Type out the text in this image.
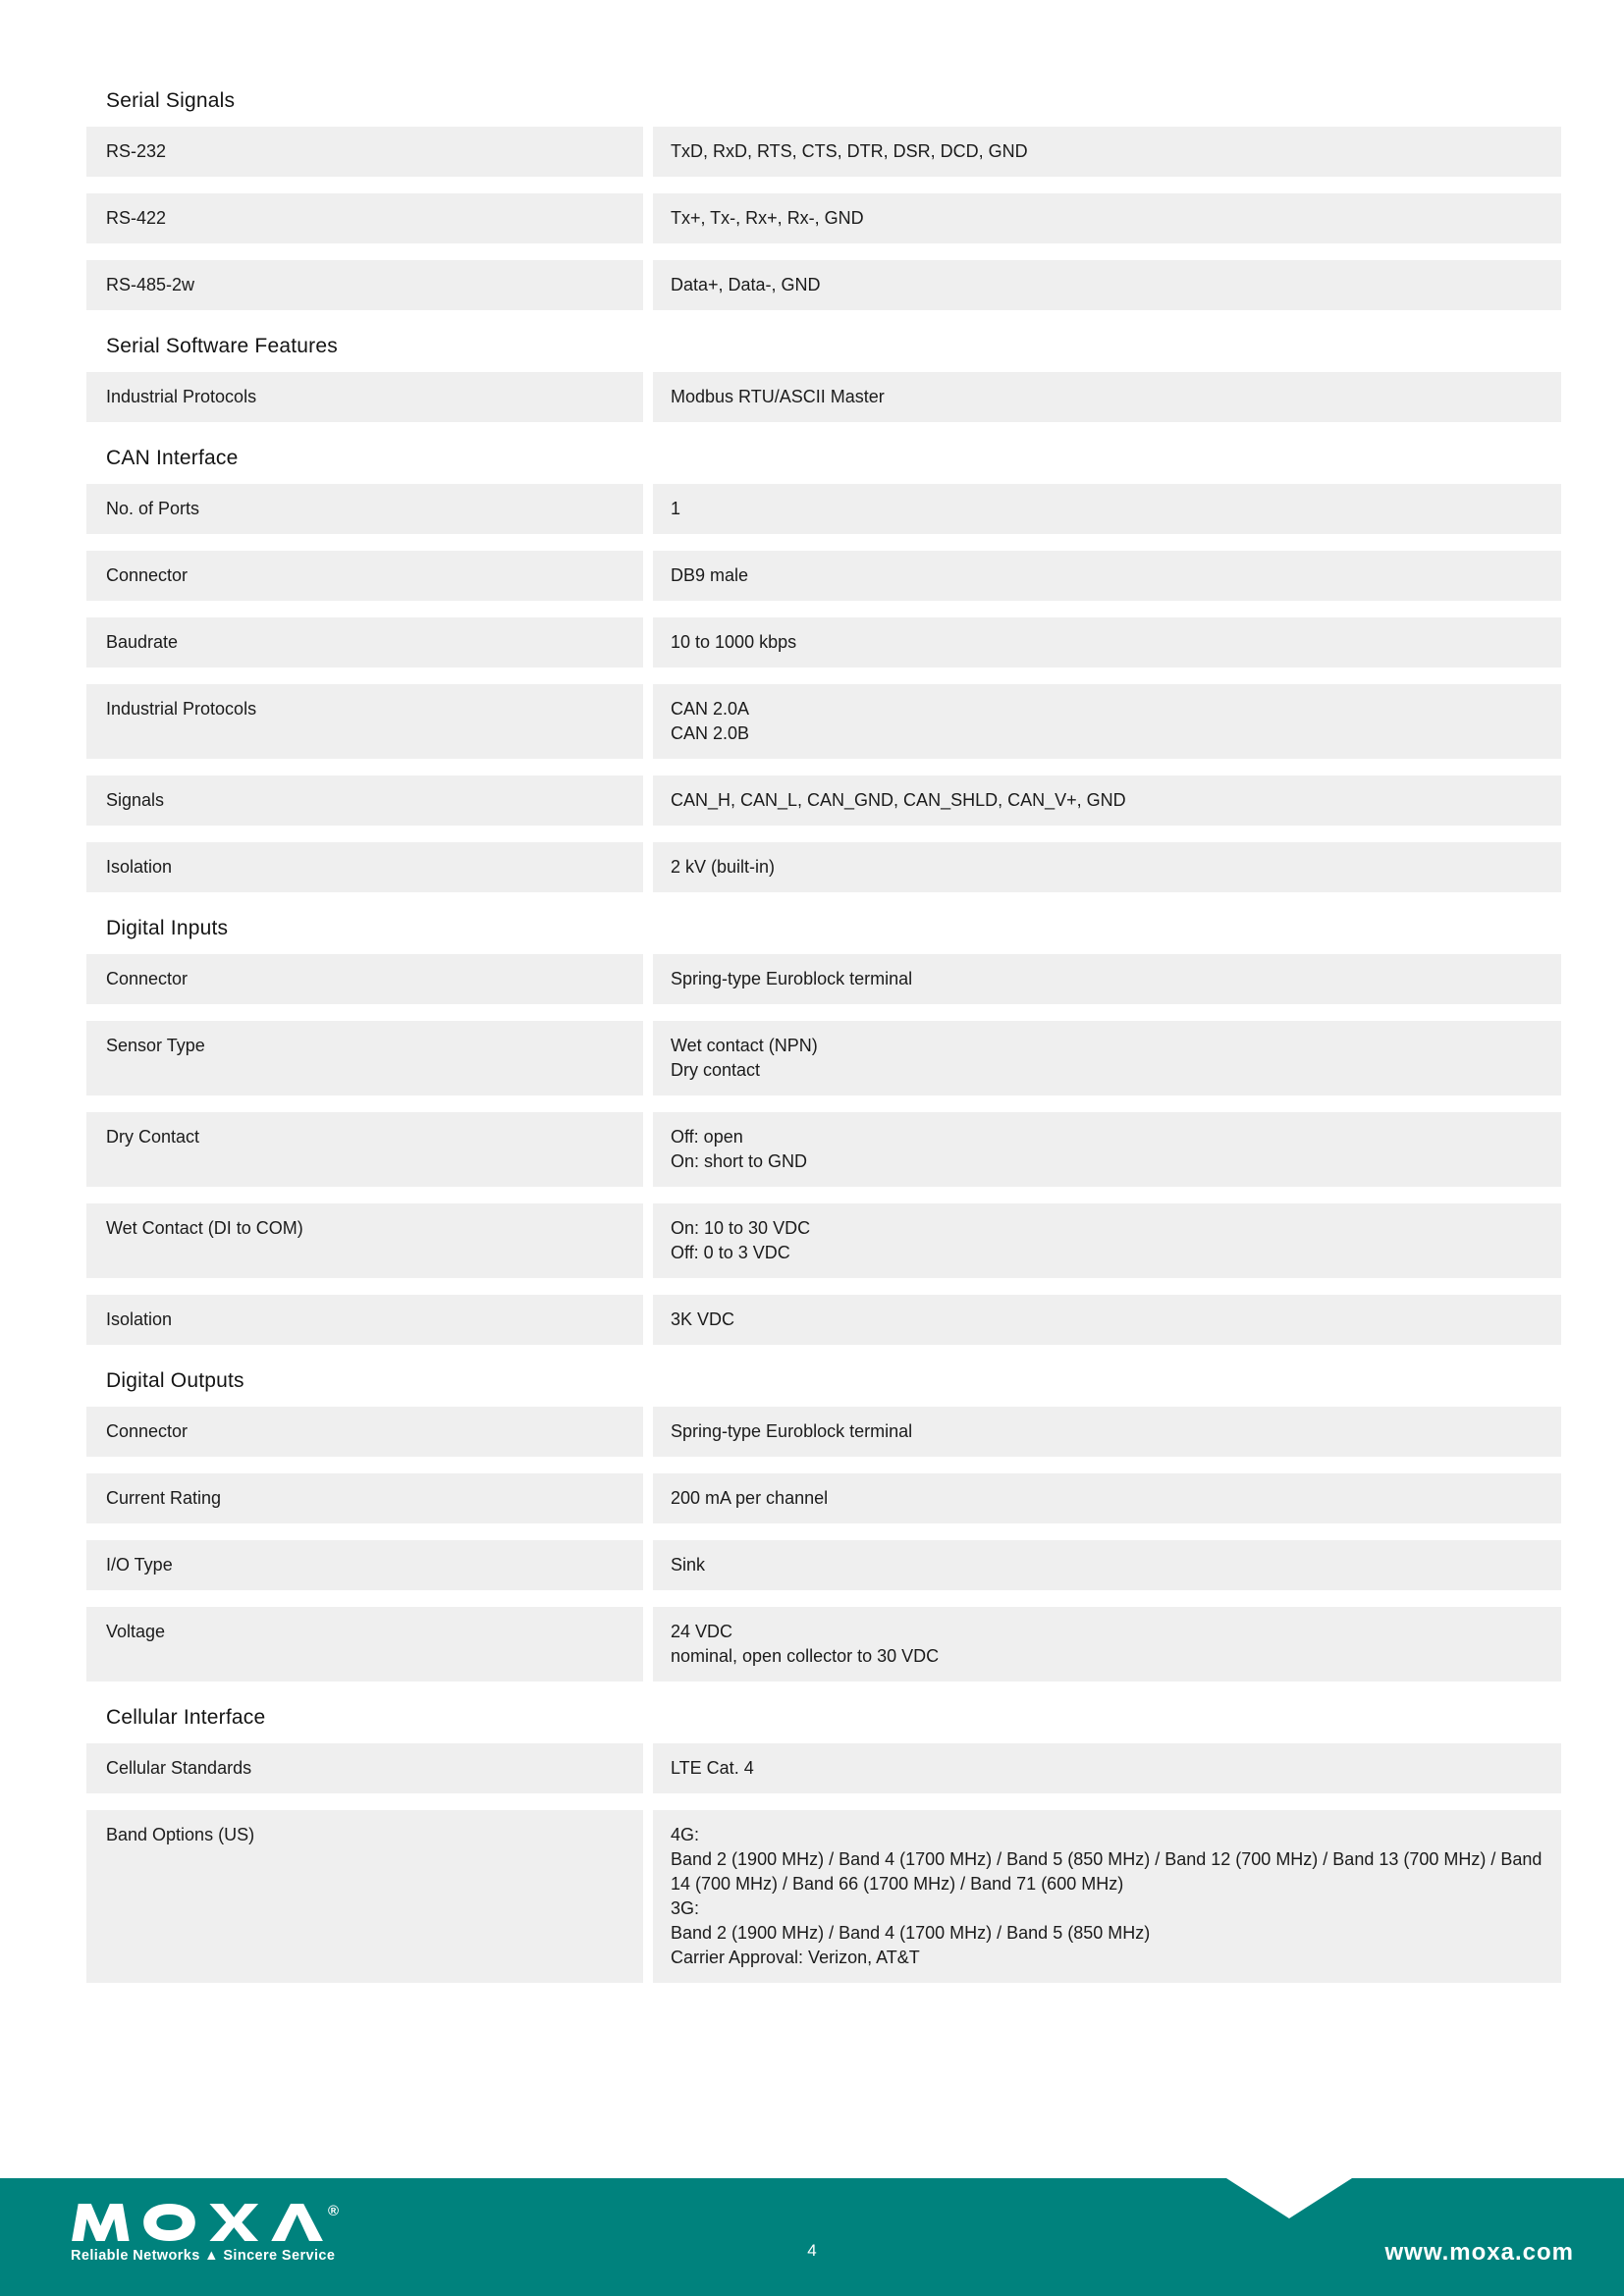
Serial Signals
RS-232	TxD, RxD, RTS, CTS, DTR, DSR, DCD, GND
RS-422	Tx+, Tx-, Rx+, Rx-, GND
RS-485-2w	Data+, Data-, GND
Serial Software Features
Industrial Protocols	Modbus RTU/ASCII Master
CAN Interface
No. of Ports	1
Connector	DB9 male
Baudrate	10 to 1000 kbps
Industrial Protocols	CAN 2.0A
CAN 2.0B
Signals	CAN_H, CAN_L, CAN_GND, CAN_SHLD, CAN_V+, GND
Isolation	2 kV (built-in)
Digital Inputs
Connector	Spring-type Euroblock terminal
Sensor Type	Wet contact (NPN)
Dry contact
Dry Contact	Off: open
On: short to GND
Wet Contact (DI to COM)	On: 10 to 30 VDC
Off: 0 to 3 VDC
Isolation	3K VDC
Digital Outputs
Connector	Spring-type Euroblock terminal
Current Rating	200 mA per channel
I/O Type	Sink
Voltage	24 VDC
nominal, open collector to 30 VDC
Cellular Interface
Cellular Standards	LTE Cat. 4
Band Options (US)	4G:
Band 2 (1900 MHz) / Band 4 (1700 MHz) / Band 5 (850 MHz) / Band 12 (700 MHz) / Band 13 (700 MHz) / Band 14 (700 MHz) / Band 66 (1700 MHz) / Band 71 (600 MHz)
3G:
Band 2 (1900 MHz) / Band 4 (1700 MHz) / Band 5 (850 MHz)
Carrier Approval: Verizon, AT&T
®
Reliable Networks ▲ Sincere Service	4	www.moxa.com
